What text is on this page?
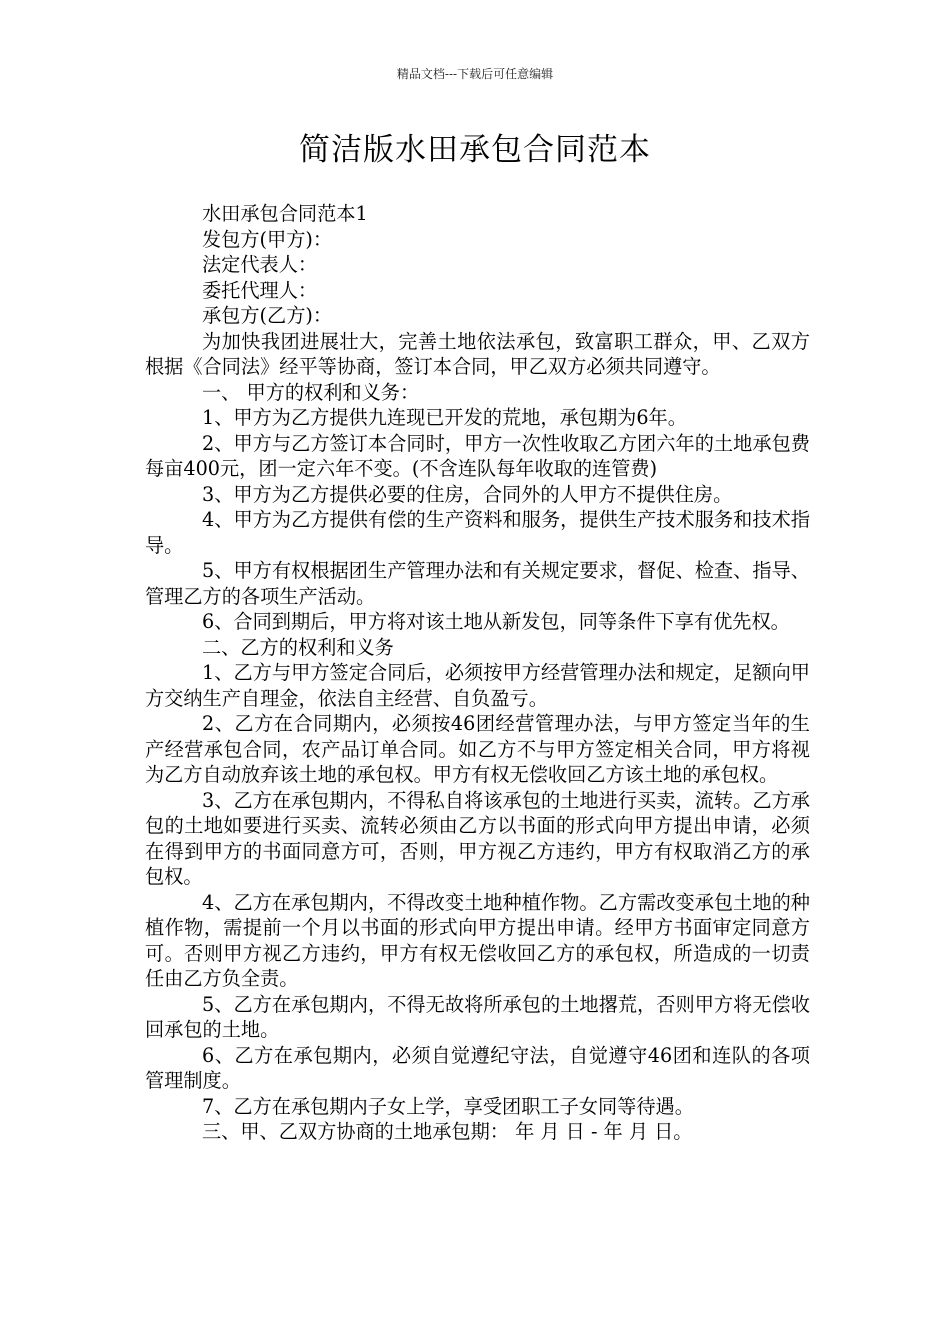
精品文档---下载后可任意编辑
简洁版水田承包合同范本

水田承包合同范本1

发包方(甲方)：

法定代表人：

委托代理人：

承包方(乙方)：

为加快我团进展壮大，完善土地依法承包，致富职工群众，甲、乙双方根据《合同法》经平等协商，签订本合同，甲乙双方必须共同遵守。

一、 甲方的权利和义务：

1、甲方为乙方提供九连现已开发的荒地，承包期为6年。

2、甲方与乙方签订本合同时，甲方一次性收取乙方团六年的土地承包费每亩400元，团一定六年不变。(不含连队每年收取的连管费)

3、甲方为乙方提供必要的住房，合同外的人甲方不提供住房。

4、甲方为乙方提供有偿的生产资料和服务，提供生产技术服务和技术指导。

5、甲方有权根据团生产管理办法和有关规定要求，督促、检查、指导、管理乙方的各项生产活动。

6、合同到期后，甲方将对该土地从新发包，同等条件下享有优先权。

二、乙方的权利和义务

1、乙方与甲方签定合同后，必须按甲方经营管理办法和规定，足额向甲方交纳生产自理金，依法自主经营、自负盈亏。

2、乙方在合同期内，必须按46团经营管理办法，与甲方签定当年的生产经营承包合同，农产品订单合同。如乙方不与甲方签定相关合同，甲方将视为乙方自动放弃该土地的承包权。甲方有权无偿收回乙方该土地的承包权。

3、乙方在承包期内，不得私自将该承包的土地进行买卖，流转。乙方承包的土地如要进行买卖、流转必须由乙方以书面的形式向甲方提出申请，必须在得到甲方的书面同意方可，否则，甲方视乙方违约，甲方有权取消乙方的承包权。

4、乙方在承包期内，不得改变土地种植作物。乙方需改变承包土地的种植作物，需提前一个月以书面的形式向甲方提出申请。经甲方书面审定同意方可。否则甲方视乙方违约，甲方有权无偿收回乙方的承包权，所造成的一切责任由乙方负全责。

5、乙方在承包期内，不得无故将所承包的土地撂荒，否则甲方将无偿收回承包的土地。

6、乙方在承包期内，必须自觉遵纪守法，自觉遵守46团和连队的各项管理制度。

7、乙方在承包期内子女上学，享受团职工子女同等待遇。

三、甲、乙双方协商的土地承包期： 年 月 日 - 年 月 日。
